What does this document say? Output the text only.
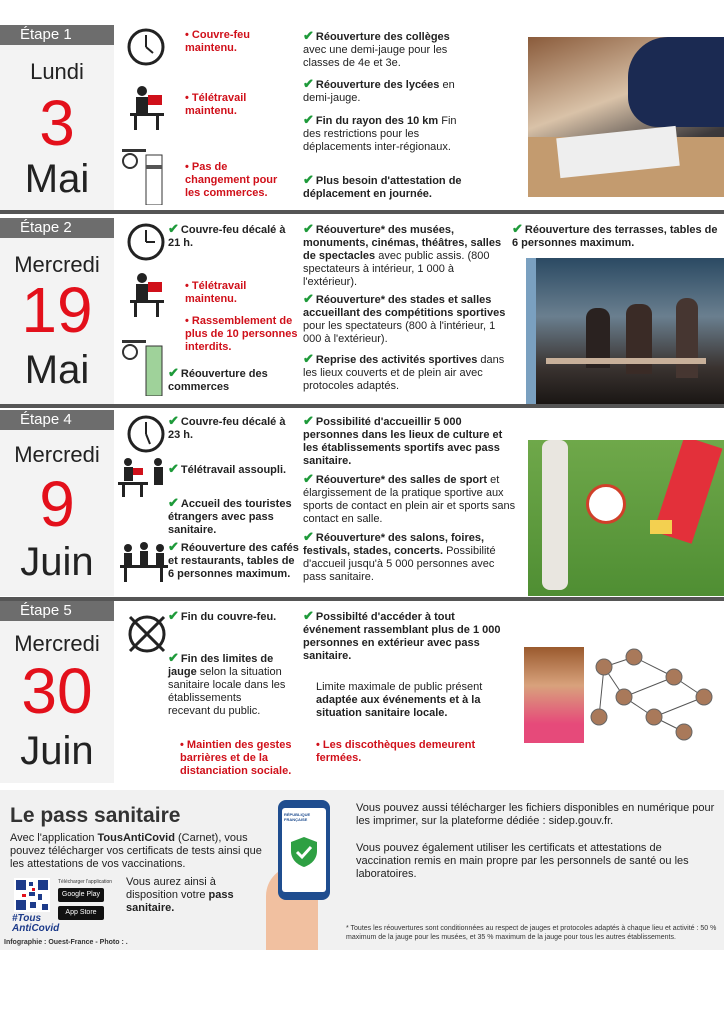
Étape 1
Lundi
3
Mai
• Couvre-feu maintenu.
• Télétravail maintenu.
• Pas de changement pour les commerces.
✔ Réouverture des collèges avec une demi-jauge pour les classes de 4e et 3e.
✔ Réouverture des lycées en demi-jauge.
✔ Fin du rayon des 10 km Fin des restrictions pour les déplacements inter-régionaux.
✔ Plus besoin d'attestation de déplacement en journée.
Étape 2
Mercredi
19
Mai
✔ Couvre-feu décalé à 21 h.
• Télétravail maintenu.
• Rassemblement de plus de 10 personnes interdits.
✔ Réouverture des commerces
✔ Réouverture* des musées, monuments, cinémas, théâtres, salles de spectacles avec public assis. (800 spectateurs à intérieur, 1 000 à l'extérieur).
✔ Réouverture* des stades et salles accueillant des compétitions sportives pour les spectateurs (800 à l'intérieur, 1 000 à l'extérieur).
✔ Reprise des activités sportives dans les lieux couverts et de plein air avec protocoles adaptés.
✔ Réouverture des terrasses, tables de 6 personnes maximum.
Étape 4
Mercredi
9
Juin
✔ Couvre-feu décalé à 23 h.
✔ Télétravail assoupli.
✔ Accueil des touristes étrangers avec pass sanitaire.
✔ Réouverture des cafés et restaurants, tables de 6 personnes maximum.
✔ Possibilité d'accueillir 5 000 personnes dans les lieux de culture et les établissements sportifs avec pass sanitaire.
✔ Réouverture* des salles de sport et élargissement de la pratique sportive aux sports de contact en plein air et sports sans contact en salle.
✔ Réouverture* des salons, foires, festivals, stades, concerts. Possibilité d'accueil jusqu'à 5 000 personnes avec pass sanitaire.
Étape 5
Mercredi
30
Juin
✔ Fin du couvre-feu.
✔ Fin des limites de jauge selon la situation sanitaire locale dans les établissements recevant du public.
• Maintien des gestes barrières et de la distanciation sociale.
✔ Possibilté d'accéder à tout événement rassemblant plus de 1 000 personnes en extérieur avec pass sanitaire.
Limite maximale de public présent adaptée aux événements et à la situation sanitaire locale.
• Les discothèques demeurent fermées.
Le pass sanitaire
Avec l'application TousAntiCovid (Carnet), vous pouvez télécharger vos certificats de tests ainsi que les attestations de vos vaccinations.
#Tous AntiCovid
Télécharger l'application
Google Play
App Store
Vous aurez ainsi à disposition votre pass sanitaire.
RÉPUBLIQUE FRANÇAISE
Vous pouvez aussi télécharger les fichiers disponibles en numérique pour les imprimer, sur la plateforme dédiée : sidep.gouv.fr.
Vous pouvez également utiliser les certificats et attestations de vaccination remis en main propre par les personnels de santé ou les laboratoires.
* Toutes les réouvertures sont conditionnées au respect de jauges et protocoles adaptés à chaque lieu et activité : 50 % maximum de la jauge pour les musées, et 35 % maximum de la jauge pour tous les autres établissements.
Infographie : Ouest-France - Photo : .
